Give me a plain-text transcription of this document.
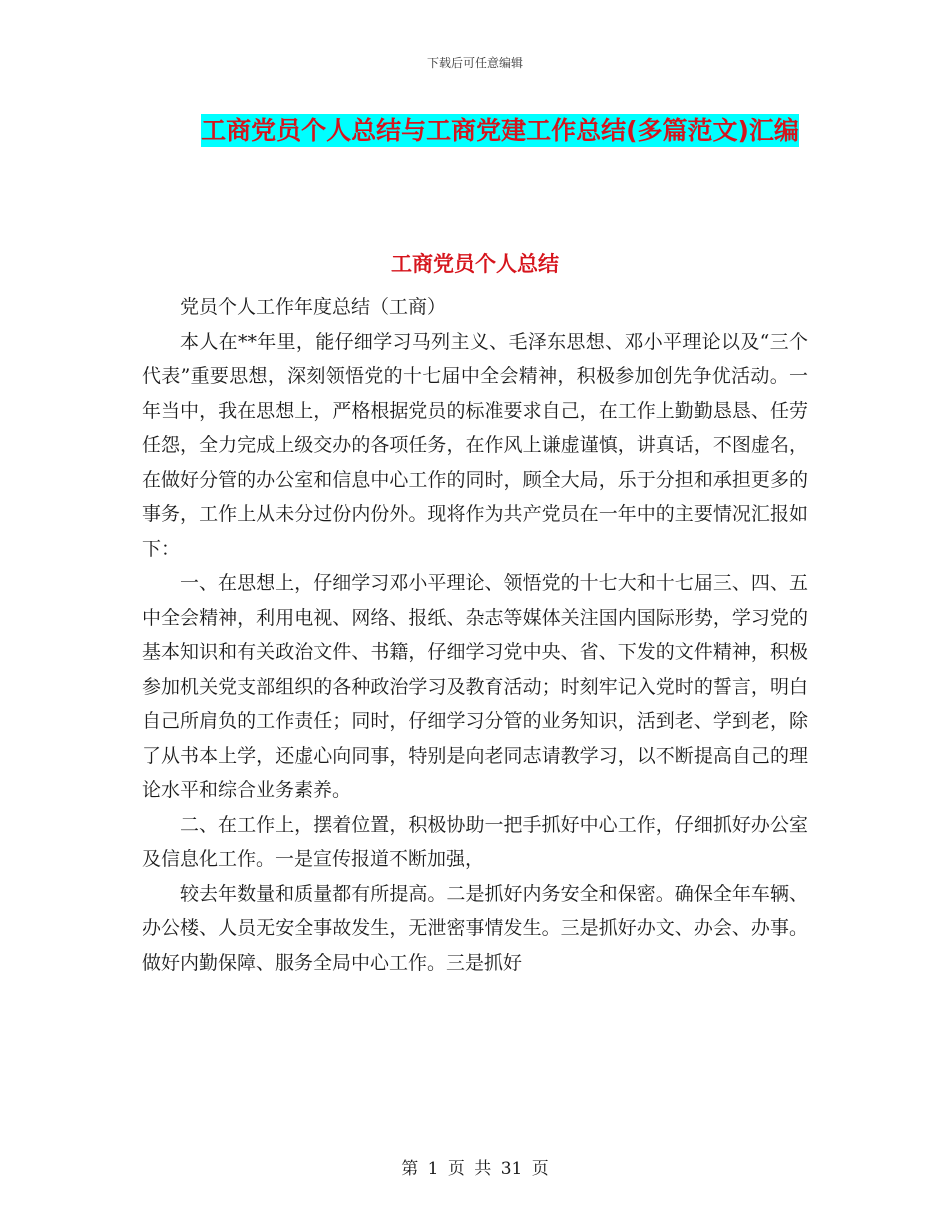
下载后可任意编辑
工商党员个人总结与工商党建工作总结(多篇范文)汇编
工商党员个人总结

党员个人工作年度总结（工商）

本人在**年里，能仔细学习马列主义、毛泽东思想、邓小平理论以及“三个代表”重要思想，深刻领悟党的十七届中全会精神，积极参加创先争优活动。一年当中，我在思想上，严格根据党员的标准要求自己，在工作上勤勤恳恳、任劳任怨，全力完成上级交办的各项任务，在作风上谦虚谨慎，讲真话，不图虚名，在做好分管的办公室和信息中心工作的同时，顾全大局，乐于分担和承担更多的事务，工作上从未分过份内份外。现将作为共产党员在一年中的主要情况汇报如下：

一、在思想上，仔细学习邓小平理论、领悟党的十七大和十七届三、四、五中全会精神，利用电视、网络、报纸、杂志等媒体关注国内国际形势，学习党的基本知识和有关政治文件、书籍，仔细学习党中央、省、下发的文件精神，积极参加机关党支部组织的各种政治学习及教育活动；时刻牢记入党时的誓言，明白自己所肩负的工作责任；同时，仔细学习分管的业务知识，活到老、学到老，除了从书本上学，还虚心向同事，特别是向老同志请教学习，以不断提高自己的理论水平和综合业务素养。

二、在工作上，摆着位置，积极协助一把手抓好中心工作，仔细抓好办公室及信息化工作。一是宣传报道不断加强，

较去年数量和质量都有所提高。二是抓好内务安全和保密。确保全年车辆、办公楼、人员无安全事故发生，无泄密事情发生。三是抓好办文、办会、办事。做好内勤保障、服务全局中心工作。三是抓好

第 1 页 共 31 页
